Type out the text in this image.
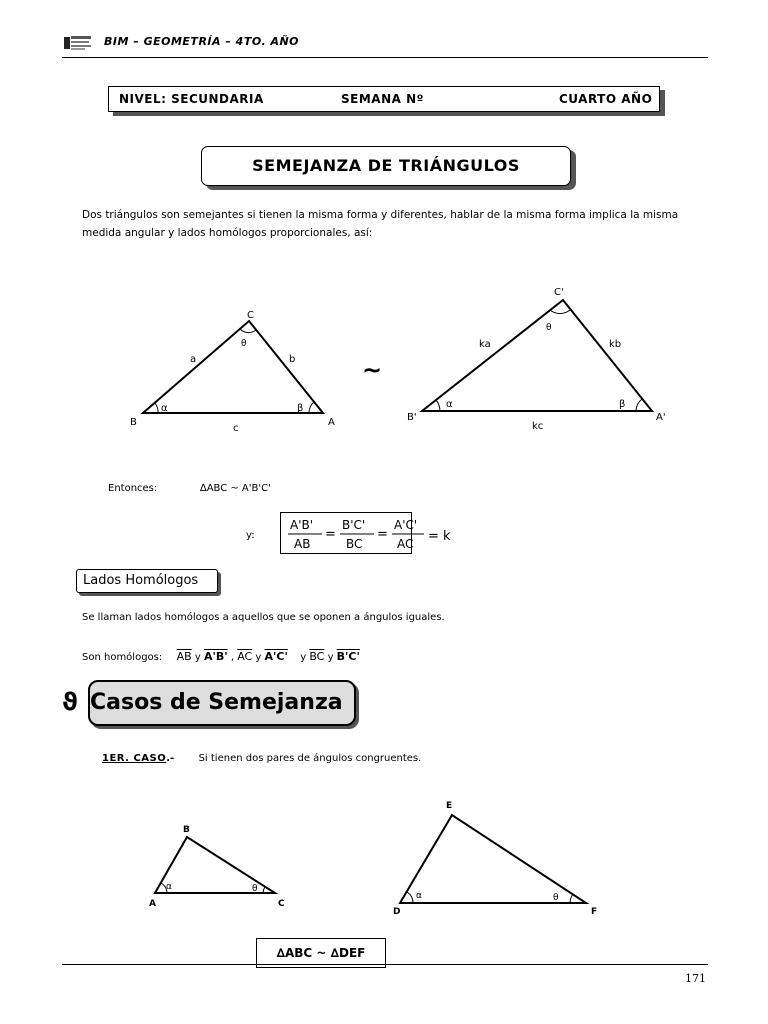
BIM – GEOMETRÍA – 4TO. AÑO
NIVEL: SECUNDARIA	SEMANA Nº	CUARTO AÑO
SEMEJANZA DE TRIÁNGULOS
Dos triángulos son semejantes si tienen la misma forma y diferentes, hablar de la misma forma implica la misma
medida angular y lados homólogos proporcionales, así:
C
B	A
a	b
c
θ
α	β
~
C'
B'	A'
ka	kb
kc
θ
α	β
Entonces:	∆ABC ~ A'B'C'
y:
A'B'
AB
=
B'C'
BC
=
A'C'
AC = k
Lados Homólogos
Se llaman lados homólogos a aquellos que se oponen a ángulos iguales.
Son homólogos: $\overline{AB}$ y A'B' , $\overline{AC}$ y A'C' y $\overline{BC}$ y B'C'
ϑ Casos de Semejanza
1ER. CASO.- Si tienen dos pares de ángulos congruentes.
B
A	C
α	θ
E
D	F
α	θ
∆ABC ~ ∆DEF
171
